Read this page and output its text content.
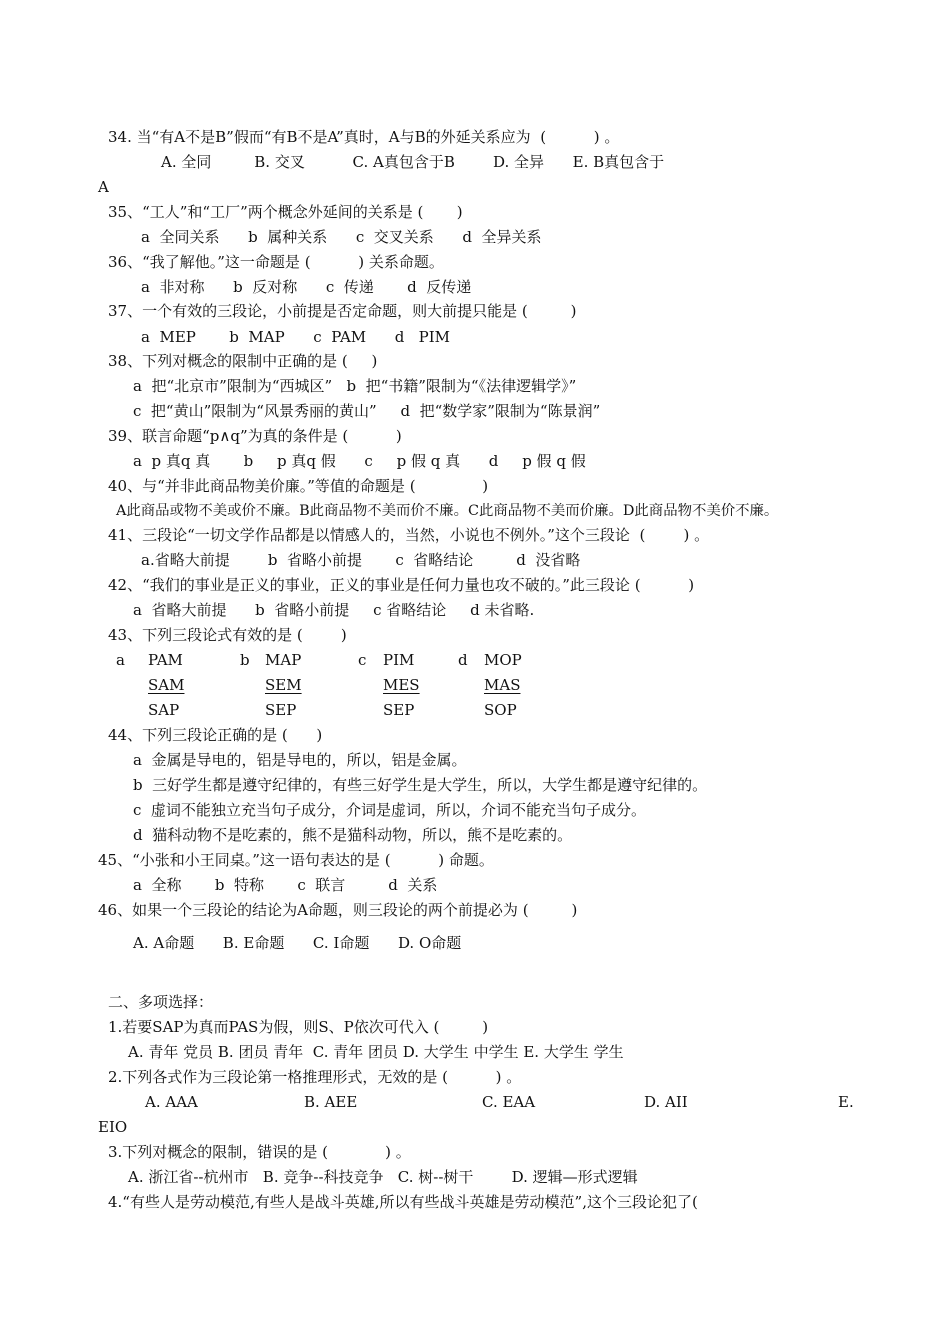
34. 当“有A不是B”假而“有B不是A”真时，A与B的外延关系应为  (          ) 。
A. 全同         B. 交叉          C. A真包含于B        D. 全异      E. B真包含于
A
35、“工人”和“工厂”两个概念外延间的关系是 (       )
a  全同关系      b  属种关系      c  交叉关系      d  全异关系
36、“我了解他。”这一命题是 (          ) 关系命题。
a  非对称      b  反对称      c  传递       d  反传递
37、一个有效的三段论，小前提是否定命题，则大前提只能是 (         )
a  MEP       b  MAP      c  PAM      d   PIM
38、下列对概念的限制中正确的是 (     )
a  把“北京市”限制为“西城区”   b  把“书籍”限制为“《法律逻辑学》”
c  把“黄山”限制为“风景秀丽的黄山”     d  把“数学家”限制为“陈景润”
39、联言命题“p∧q”为真的条件是 (          )
a  p 真q 真       b     p 真q 假      c     p 假 q 真      d     p 假 q 假
40、与“并非此商品物美价廉。”等值的命题是 (              )
A此商品或物不美或价不廉。B此商品物不美而价不廉。C此商品物不美而价廉。D此商品物不美价不廉。
41、三段论“一切文学作品都是以情感人的，当然，小说也不例外。”这个三段论  (        ) 。
a.省略大前提        b  省略小前提       c  省略结论         d  没省略
42、“我们的事业是正义的事业，正义的事业是任何力量也攻不破的。”此三段论 (          )
a  省略大前提      b  省略小前提     c 省略结论     d 未省略.
43、下列三段论式有效的是 (        )
a PAM
SAM
SAP
b MAP
SEM
SEP
c PIM
MES
SEP
d MOP
MAS
SOP
44、下列三段论正确的是 (      )
a  金属是导电的，铝是导电的，所以，铝是金属。
b  三好学生都是遵守纪律的，有些三好学生是大学生，所以，大学生都是遵守纪律的。
c  虚词不能独立充当句子成分，介词是虚词，所以，介词不能充当句子成分。
d  猫科动物不是吃素的，熊不是猫科动物，所以，熊不是吃素的。
45、“小张和小王同桌。”这一语句表达的是 (          ) 命题。
a  全称       b  特称       c  联言         d  关系
46、如果一个三段论的结论为A命题，则三段论的两个前提必为 (         )
A. A命题      B. E命题      C. I命题      D. O命题
二、多项选择：
1.若要SAP为真而PAS为假，则S、P依次可代入 (         )
A. 青年 党员 B. 团员 青年  C. 青年 团员 D. 大学生 中学生 E. 大学生 学生
2.下列各式作为三段论第一格推理形式，无效的是 (          ) 。
A. AAA	B. AEE	C. EAA	D. AII	E.
EIO
3.下列对概念的限制，错误的是 (            ) 。
A. 浙江省--杭州市   B. 竞争--科技竞争   C. 树--树干        D. 逻辑—形式逻辑
4.“有些人是劳动模范,有些人是战斗英雄,所以有些战斗英雄是劳动模范”,这个三段论犯了(
